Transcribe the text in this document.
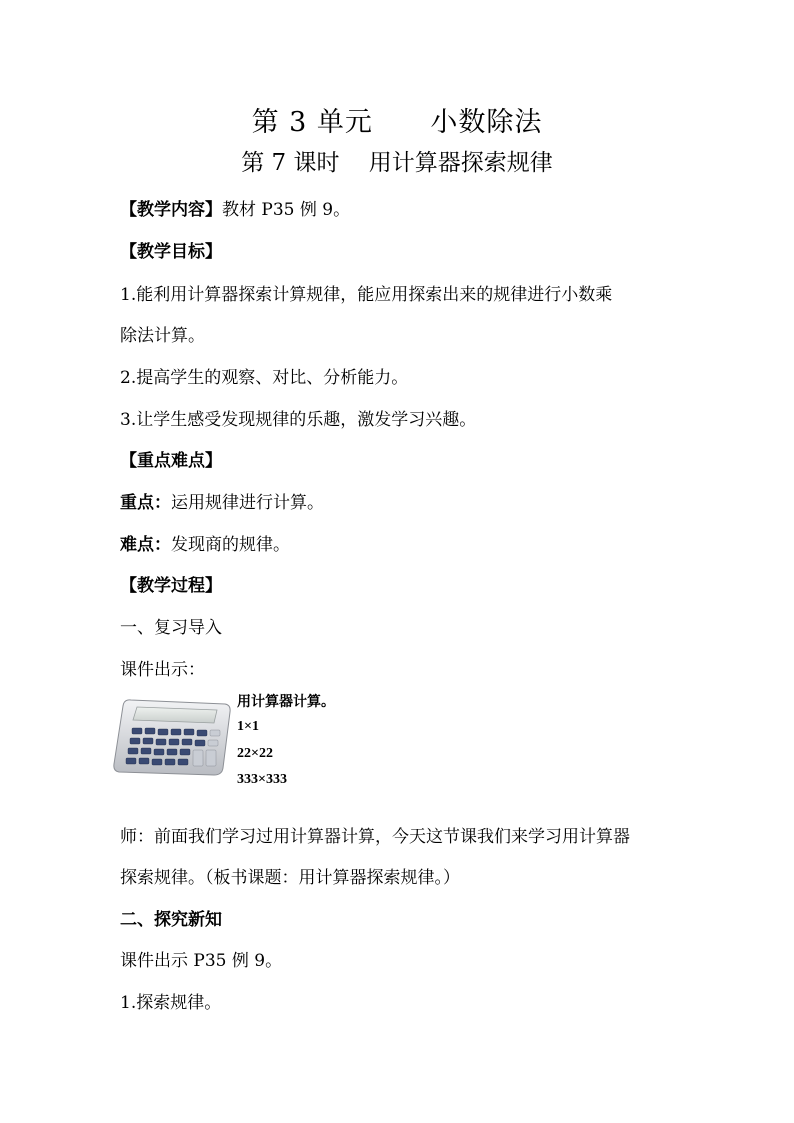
第 3 单元      小数除法
第 7 课时    用计算器探索规律
【教学内容】教材 P35 例 9。
【教学目标】
1.能利用计算器探索计算规律，能应用探索出来的规律进行小数乘
除法计算。
2.提高学生的观察、对比、分析能力。
3.让学生感受发现规律的乐趣，激发学习兴趣。
【重点难点】
重点：运用规律进行计算。
难点：发现商的规律。
【教学过程】
一、复习导入
课件出示：
用计算器计算。
1×1
22×22
333×333
师：前面我们学习过用计算器计算，今天这节课我们来学习用计算器
探索规律。（板书课题：用计算器探索规律。）
二、探究新知
课件出示 P35 例 9。
1.探索规律。
